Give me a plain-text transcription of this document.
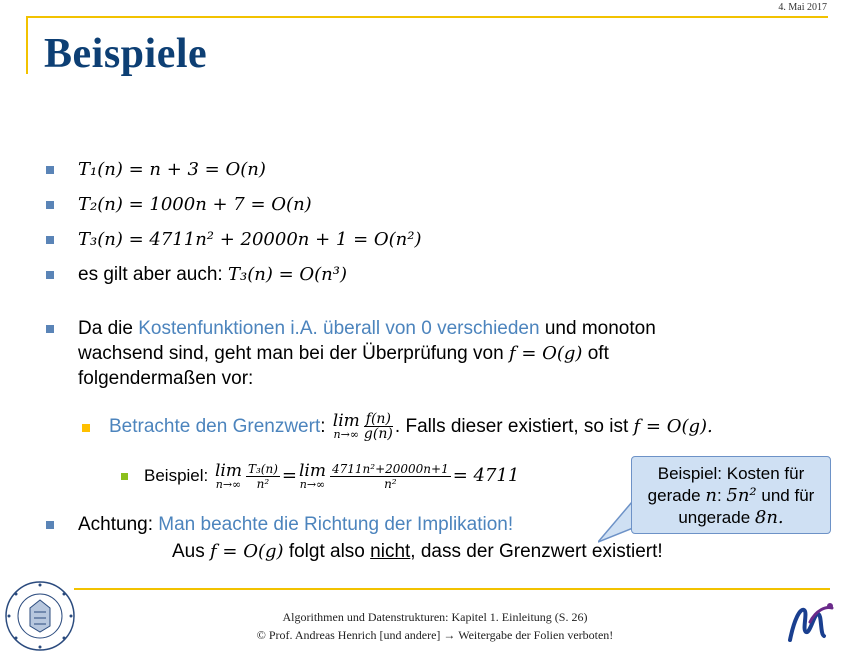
4. Mai 2017
Beispiele
T₁(n) = n + 3 = O(n)
T₂(n) = 1000n + 7 = O(n)
T₃(n) = 4711n² + 20000n + 1 = O(n²)
es gilt aber auch: T₃(n) = O(n³)
Da die Kostenfunktionen i.A. überall von 0 verschieden und monoton
wachsend sind, geht man bei der Überprüfung von f = O(g) oft
folgendermaßen vor:
Betrachte den Grenzwert: lim
$n\to\infty \frac{f(n)}{g(n)}$ . Falls dieser existiert, so ist f = O(g).
Beispiel: lim
$n\to\infty \frac{\text{T₃(n)}}{\text{n²}} = \lim$
$n\to\infty \frac{\text{4711n²+20000n+1}}{\text{n²}} = 4711$
Achtung: Man beachte die Richtung der Implikation!
Aus f = O(g) folgt also nicht, dass der Grenzwert existiert!
Beispiel: Kosten für
gerade n: 5n² und für
ungerade 8n.
Algorithmen und Datenstrukturen: Kapitel 1. Einleitung (S. 26)
© Prof. Andreas Henrich [und andere] → Weitergabe der Folien verboten!
